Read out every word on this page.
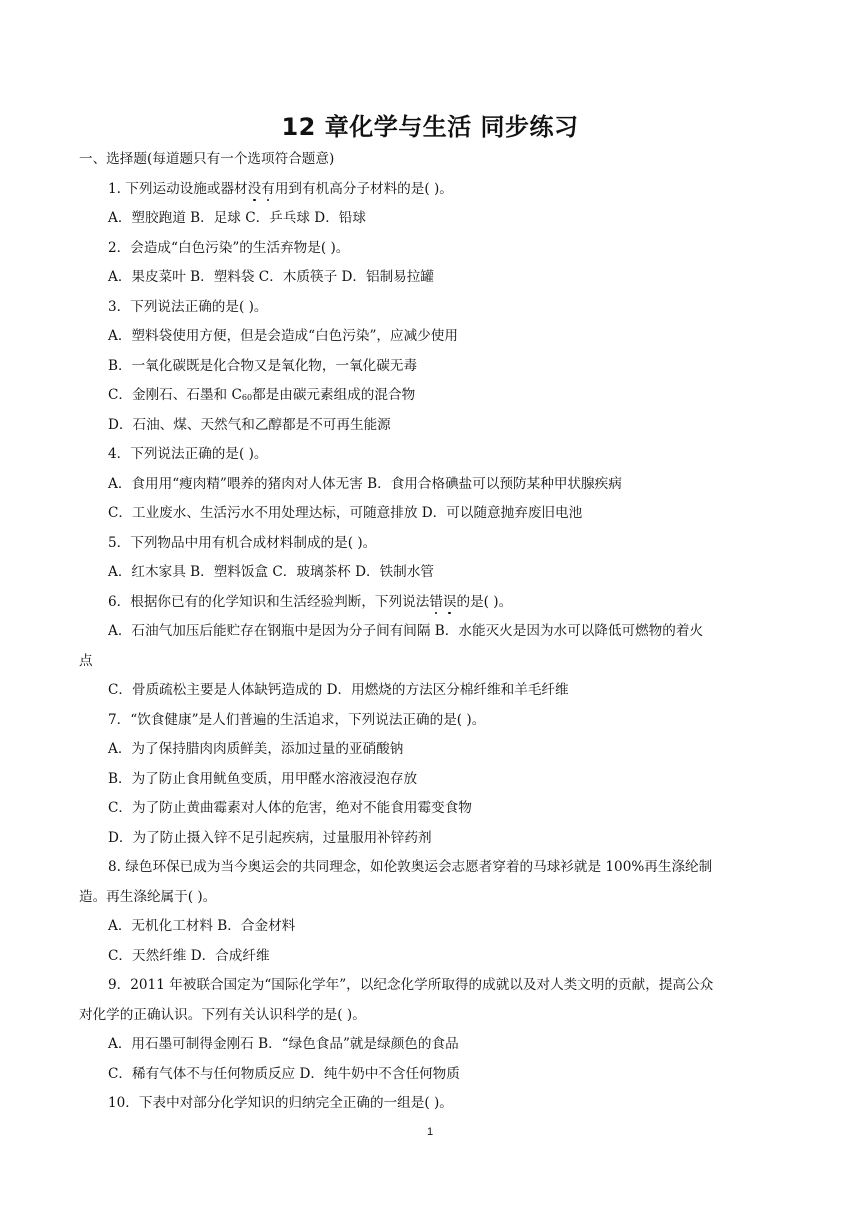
12 章化学与生活 同步练习
一、选择题(每道题只有一个选项符合题意)
1. 下列运动设施或器材没有用到有机高分子材料的是( )。
A．塑胶跑道 B．足球 C．乒乓球 D．铅球
2．会造成“白色污染”的生活弃物是( )。
A．果皮菜叶 B．塑料袋 C．木质筷子 D．铝制易拉罐
3．下列说法正确的是( )。
A．塑料袋使用方便，但是会造成“白色污染”，应减少使用
B．一氧化碳既是化合物又是氧化物，一氧化碳无毒
C．金刚石、石墨和 $C_{60}$都是由碳元素组成的混合物
D．石油、煤、天然气和乙醇都是不可再生能源
4．下列说法正确的是( )。
A．食用用“瘦肉精”喂养的猪肉对人体无害 B．食用合格碘盐可以预防某种甲状腺疾病
C．工业废水、生活污水不用处理达标，可随意排放 D．可以随意抛弃废旧电池
5．下列物品中用有机合成材料制成的是( )。
A．红木家具 B．塑料饭盒 C．玻璃茶杯 D．铁制水管
6．根据你已有的化学知识和生活经验判断，下列说法错误的是( )。
A．石油气加压后能贮存在钢瓶中是因为分子间有间隔 B．水能灭火是因为水可以降低可燃物的着火
点
C．骨质疏松主要是人体缺钙造成的 D．用燃烧的方法区分棉纤维和羊毛纤维
7．“饮食健康”是人们普遍的生活追求，下列说法正确的是( )。
A．为了保持腊肉肉质鲜美，添加过量的亚硝酸钠
B．为了防止食用鱿鱼变质，用甲醛水溶液浸泡存放
C．为了防止黄曲霉素对人体的危害，绝对不能食用霉变食物
D．为了防止摄入锌不足引起疾病，过量服用补锌药剂
8. 绿色环保已成为当今奥运会的共同理念，如伦敦奥运会志愿者穿着的马球衫就是 100%再生涤纶制
造。再生涤纶属于( )。
A．无机化工材料 B．合金材料
C．天然纤维 D．合成纤维
9．2011 年被联合国定为“国际化学年”，以纪念化学所取得的成就以及对人类文明的贡献，提高公众
对化学的正确认识。下列有关认识科学的是( )。
A．用石墨可制得金刚石 B．“绿色食品”就是绿颜色的食品
C．稀有气体不与任何物质反应 D．纯牛奶中不含任何物质
10．下表中对部分化学知识的归纳完全正确的一组是( )。
1
